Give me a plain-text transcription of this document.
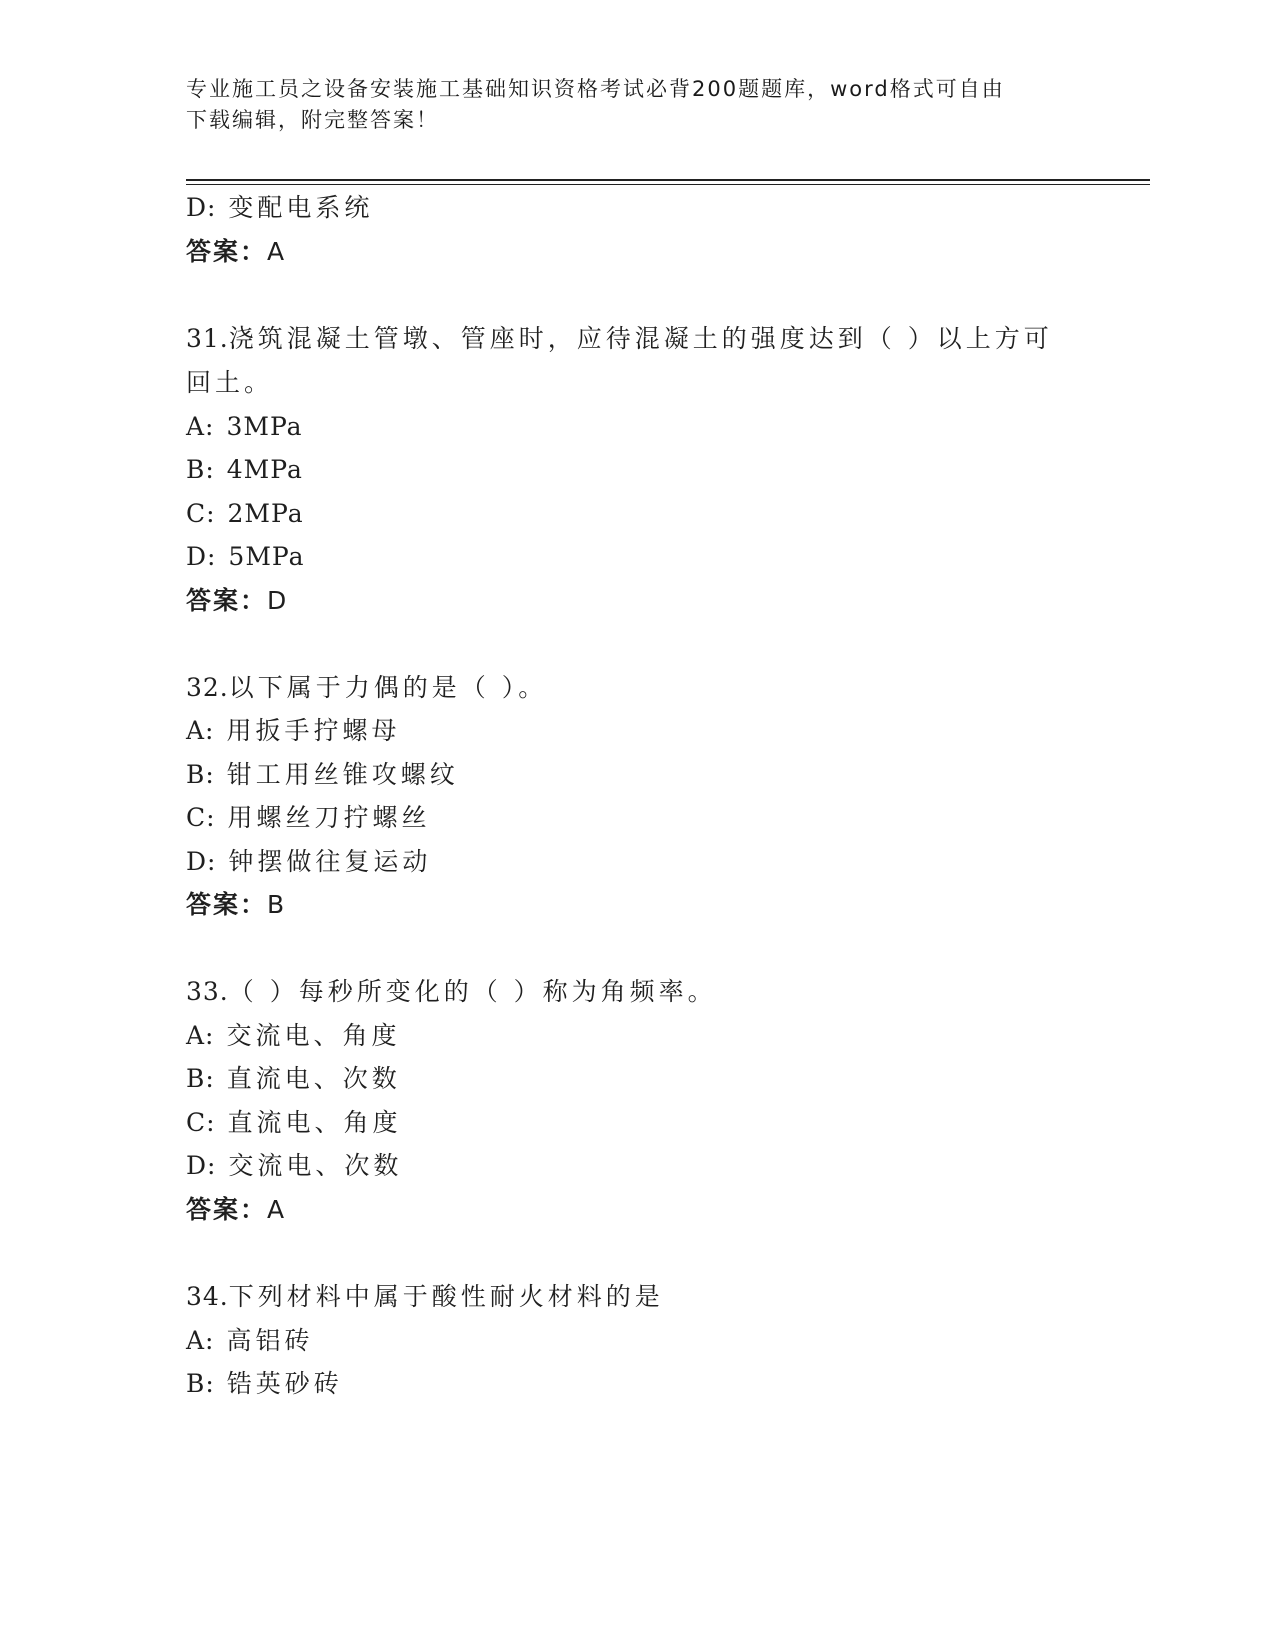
专业施工员之设备安装施工基础知识资格考试必背200题题库，word格式可自由
下载编辑，附完整答案！
D: 变配电系统
答案：A
31.浇筑混凝土管墩、管座时，应待混凝土的强度达到（ ）以上方可
回土。
A: 3MPa
B: 4MPa
C: 2MPa
D: 5MPa
答案：D
32.以下属于力偶的是（ ）。
A: 用扳手拧螺母
B: 钳工用丝锥攻螺纹
C: 用螺丝刀拧螺丝
D: 钟摆做往复运动
答案：B
33.（ ）每秒所变化的（ ）称为角频率。
A: 交流电、角度
B: 直流电、次数
C: 直流电、角度
D: 交流电、次数
答案：A
34.下列材料中属于酸性耐火材料的是
A: 高铝砖
B: 锆英砂砖
